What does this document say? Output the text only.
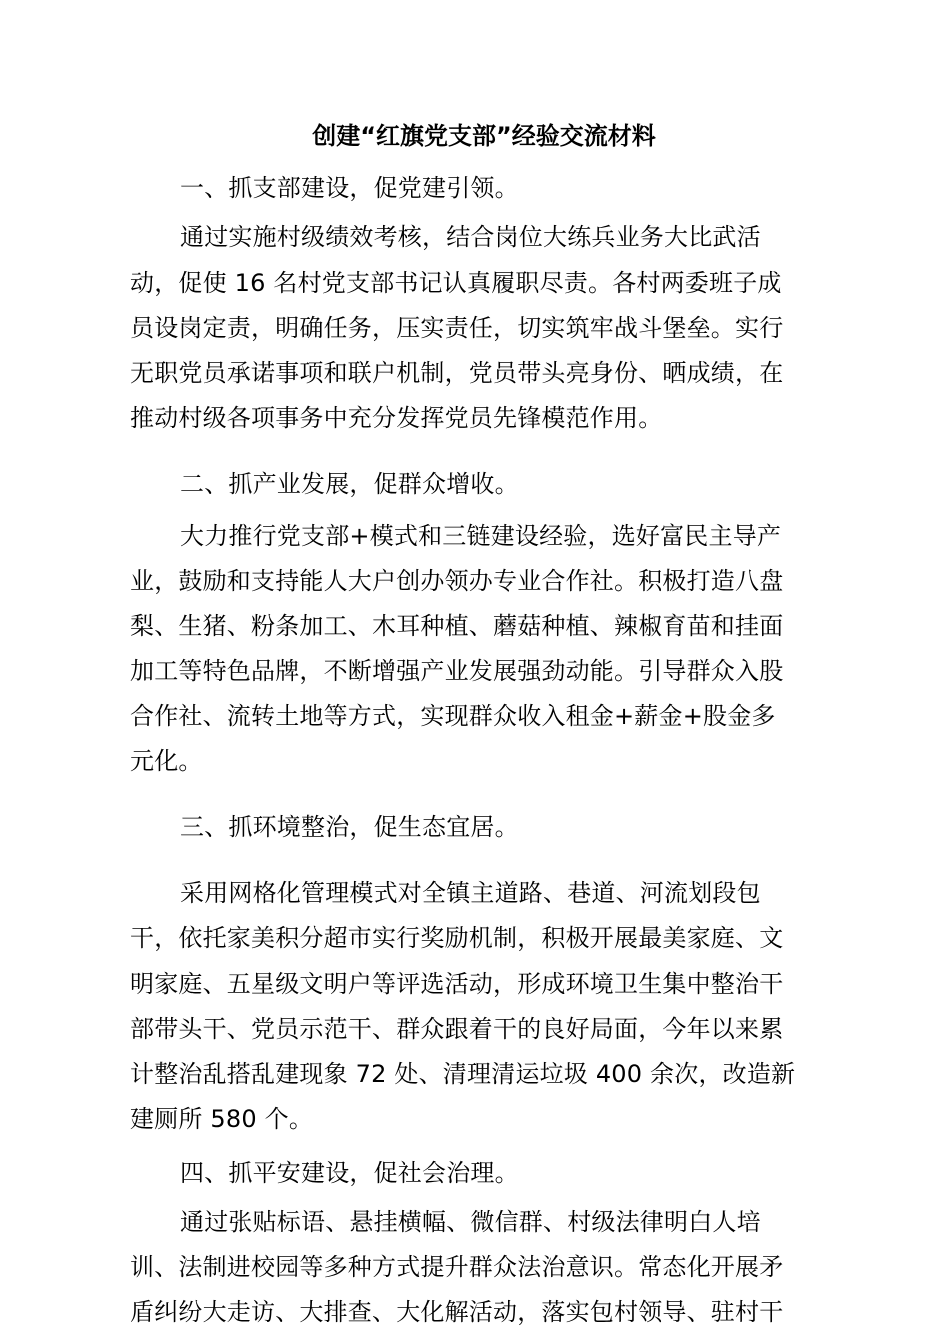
创建“红旗党支部”经验交流材料
一、抓支部建设，促党建引领。
通过实施村级绩效考核，结合岗位大练兵业务大比武活
动，促使 16 名村党支部书记认真履职尽责。各村两委班子成
员设岗定责，明确任务，压实责任，切实筑牢战斗堡垒。实行
无职党员承诺事项和联户机制，党员带头亮身份、晒成绩，在
推动村级各项事务中充分发挥党员先锋模范作用。
二、抓产业发展，促群众增收。
大力推行党支部+模式和三链建设经验，选好富民主导产
业，鼓励和支持能人大户创办领办专业合作社。积极打造八盘
梨、生猪、粉条加工、木耳种植、蘑菇种植、辣椒育苗和挂面
加工等特色品牌，不断增强产业发展强劲动能。引导群众入股
合作社、流转土地等方式，实现群众收入租金+薪金+股金多
元化。
三、抓环境整治，促生态宜居。
采用网格化管理模式对全镇主道路、巷道、河流划段包
干，依托家美积分超市实行奖励机制，积极开展最美家庭、文
明家庭、五星级文明户等评选活动，形成环境卫生集中整治干
部带头干、党员示范干、群众跟着干的良好局面，今年以来累
计整治乱搭乱建现象 72 处、清理清运垃圾 400 余次，改造新
建厕所 580 个。
四、抓平安建设，促社会治理。
通过张贴标语、悬挂横幅、微信群、村级法律明白人培
训、法制进校园等多种方式提升群众法治意识。常态化开展矛
盾纠纷大走访、大排查、大化解活动，落实包村领导、驻村干
